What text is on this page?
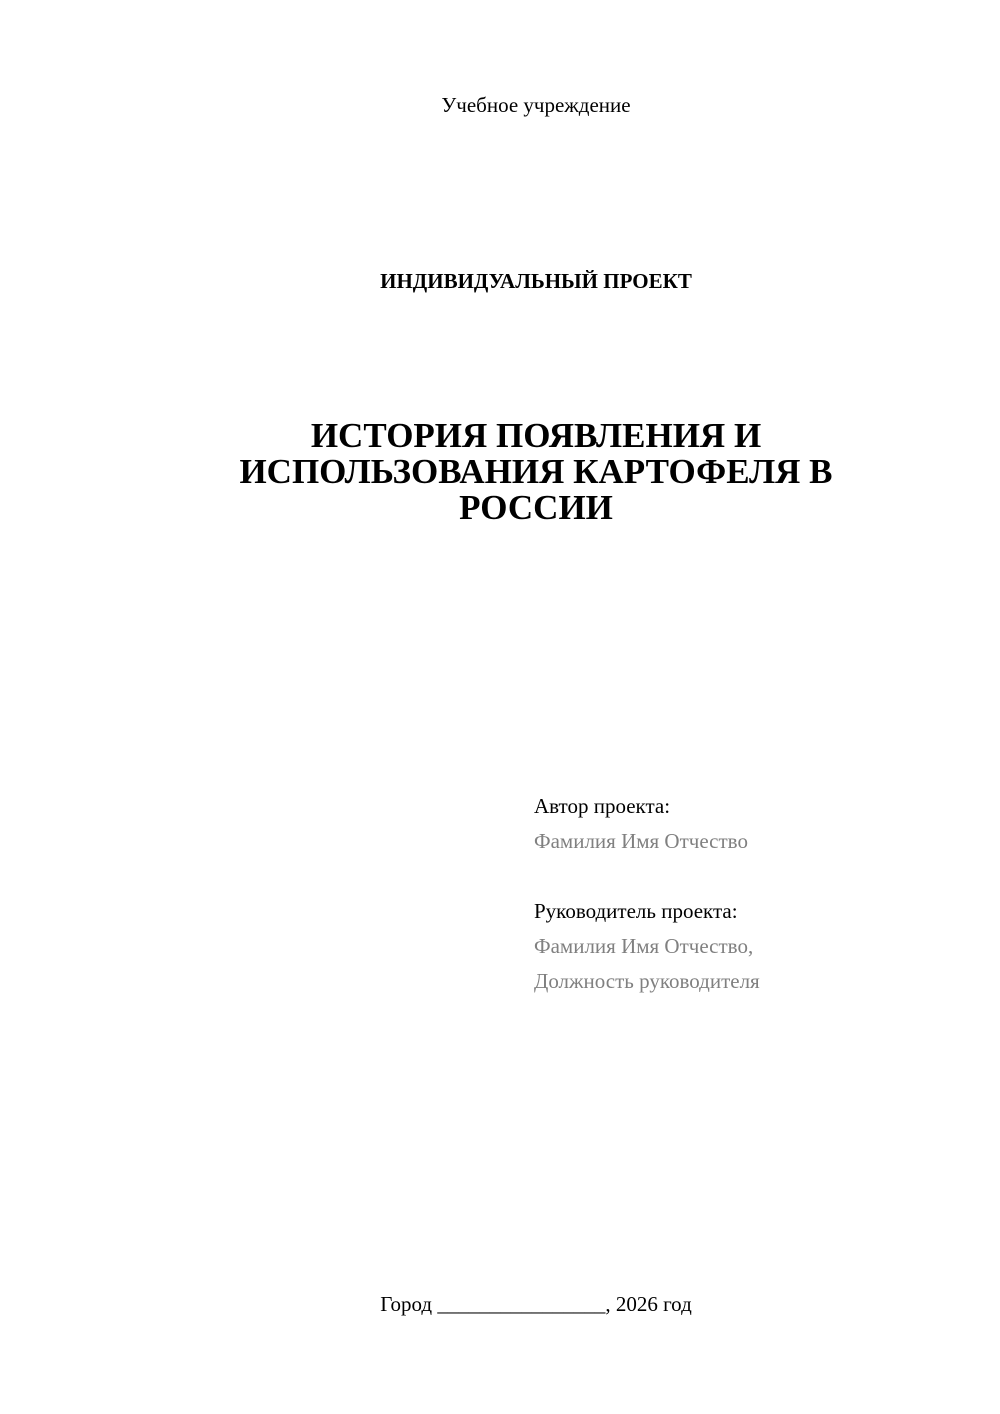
Учебное учреждение
ИНДИВИДУАЛЬНЫЙ ПРОЕКТ
ИСТОРИЯ ПОЯВЛЕНИЯ И
ИСПОЛЬЗОВАНИЯ КАРТОФЕЛЯ В
РОССИИ
Автор проекта:
Фамилия Имя Отчество
Руководитель проекта:
Фамилия Имя Отчество,
Должность руководителя
Город ________________, 2026 год
